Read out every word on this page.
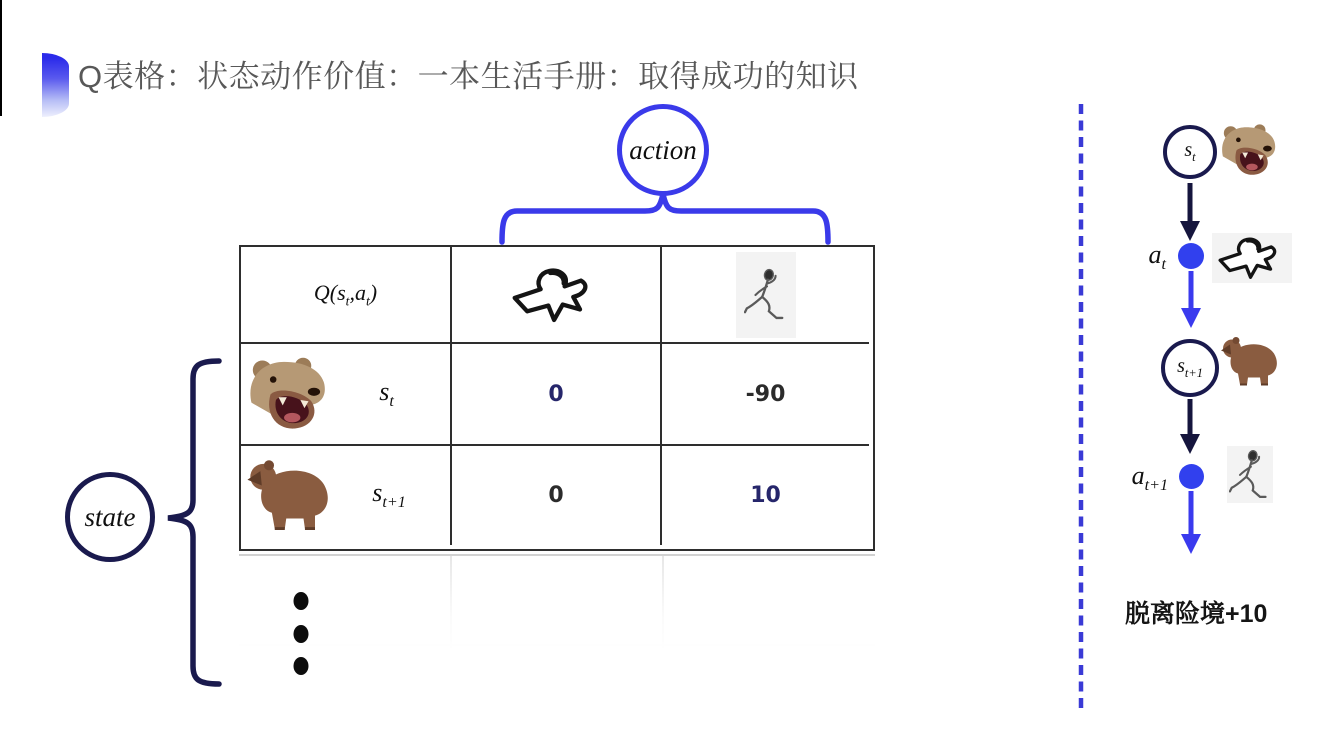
Q表格：状态动作价值：一本生活手册：取得成功的知识
action
state
$Q(s_t,a_t)$
$s_t$	0	-90
$s_{t+1}$	0	10
$s_t$
$a_t$
$s_{t+1}$
$a_{t+1}$
脱离险境+10
